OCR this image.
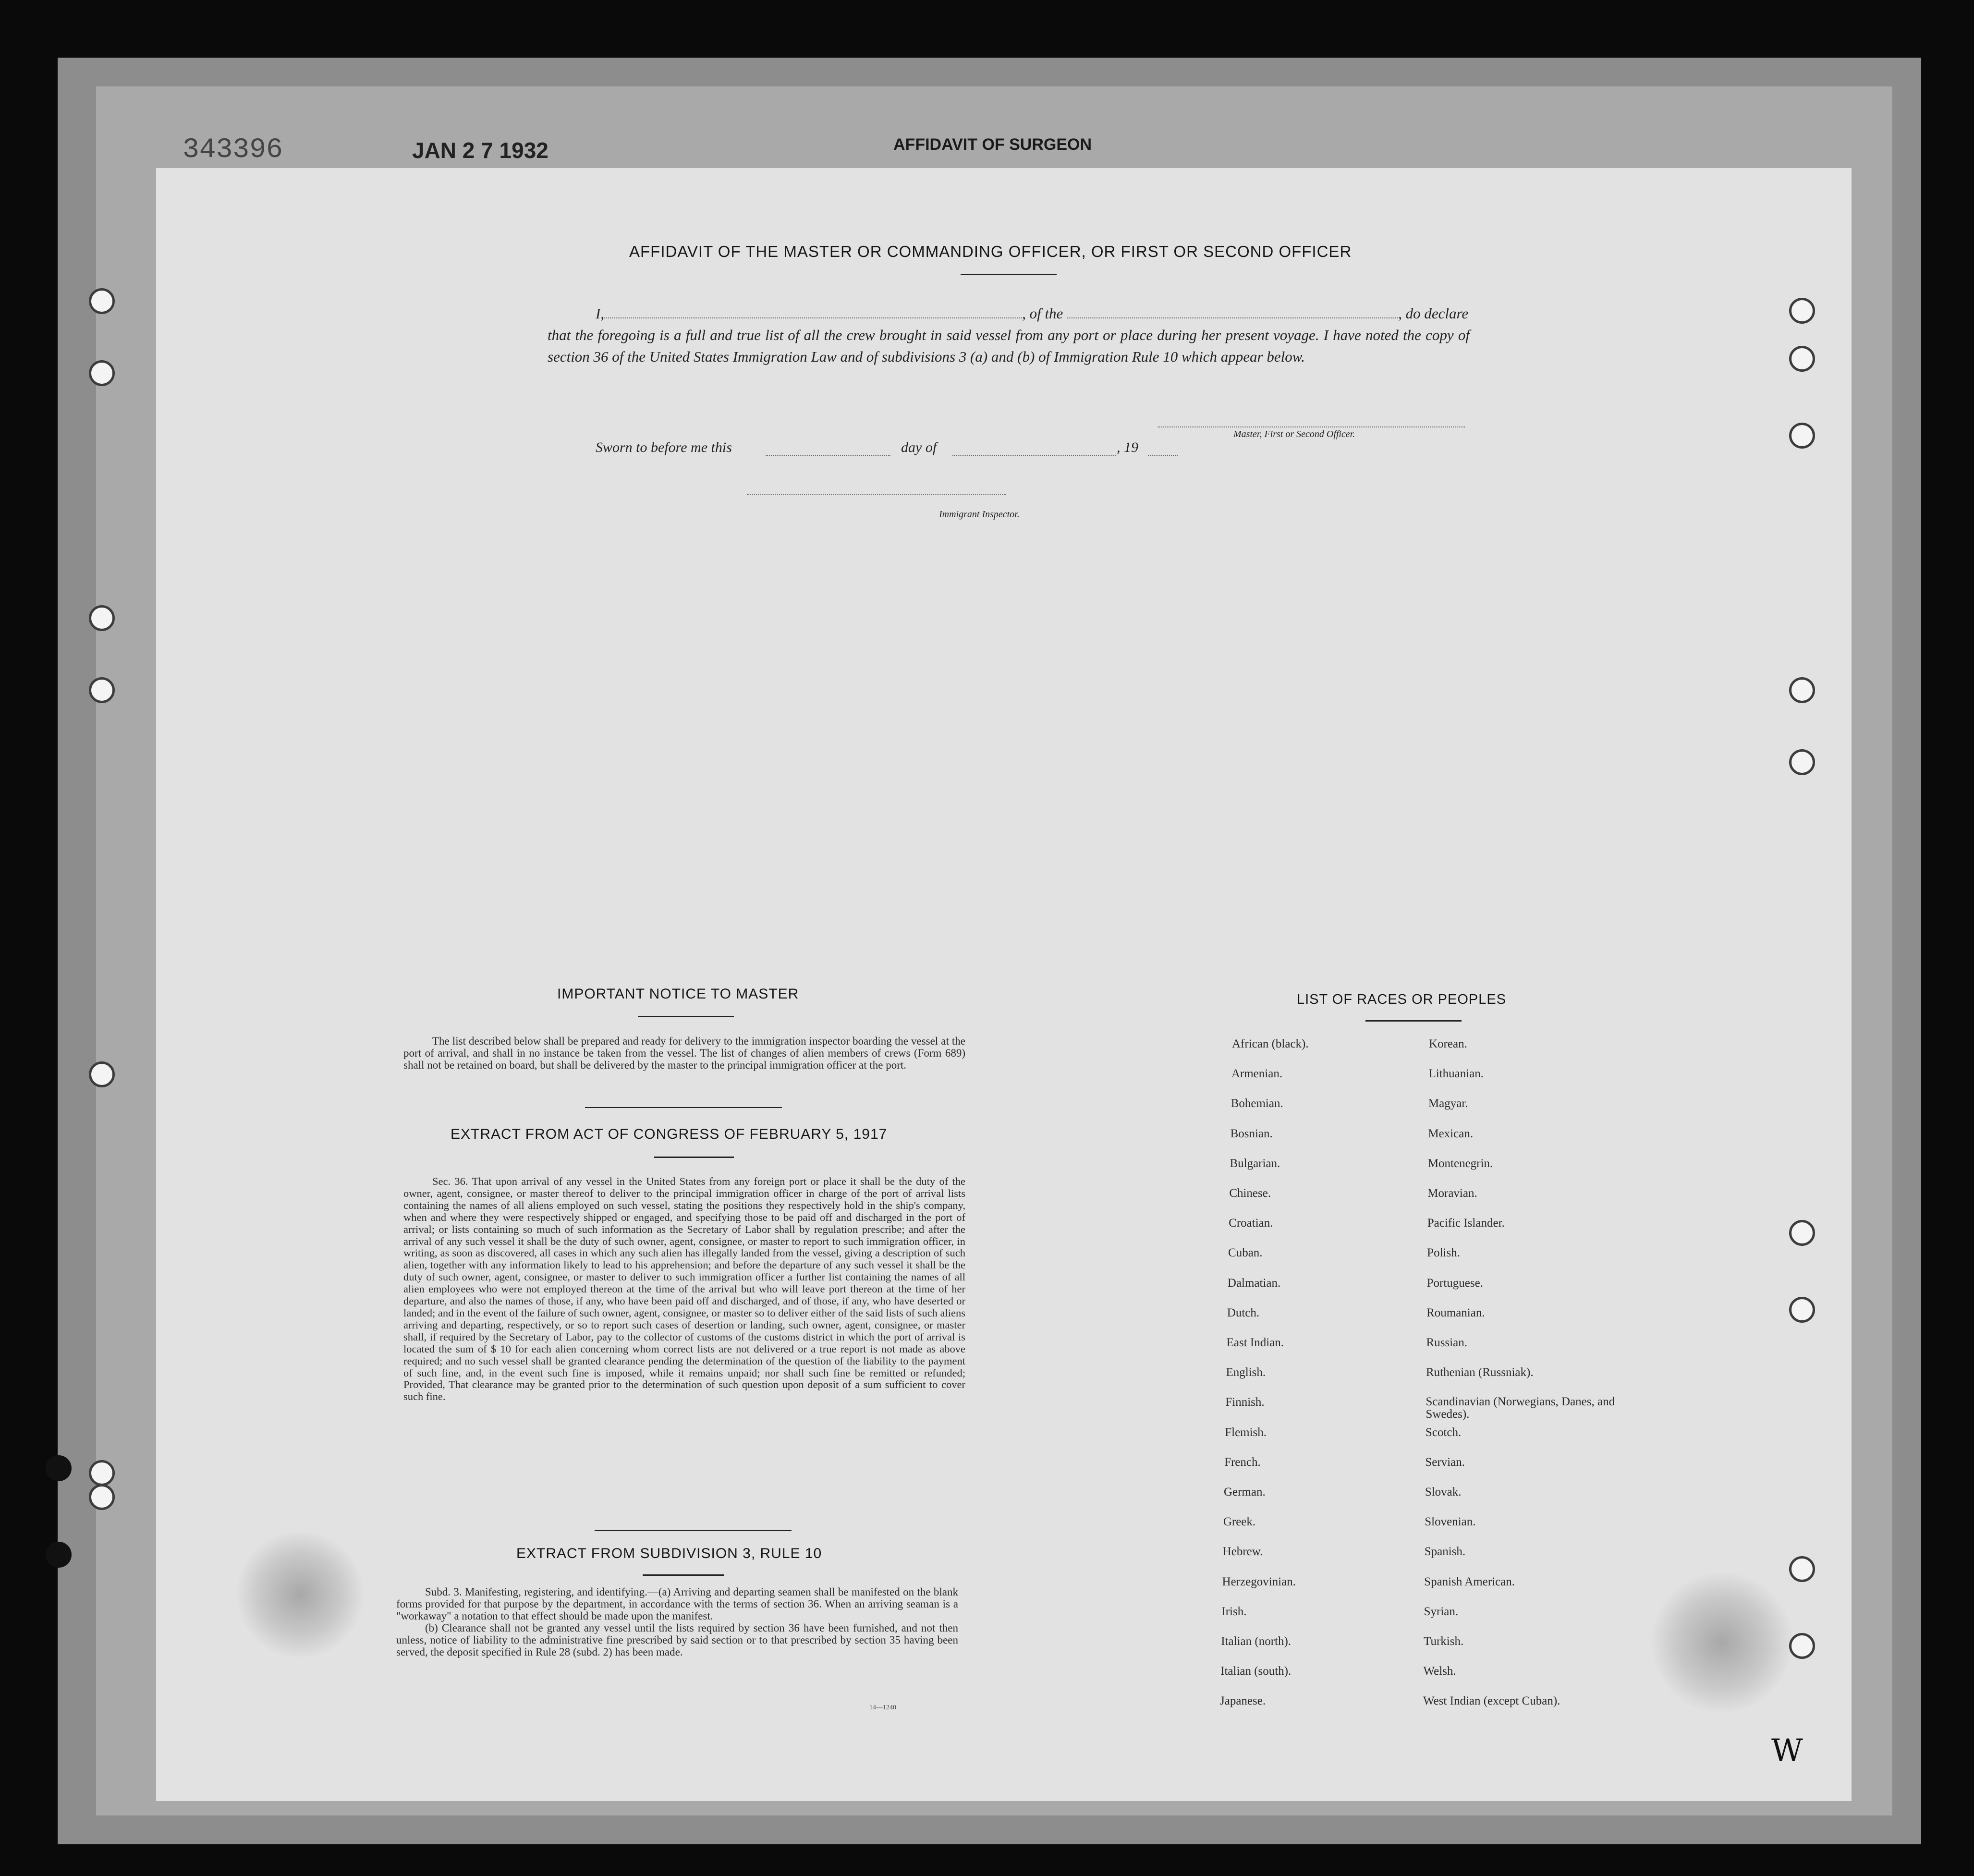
343396	JAN 2 7 1932	AFFIDAVIT OF SURGEON
AFFIDAVIT OF THE MASTER OR COMMANDING OFFICER, OR FIRST OR SECOND OFFICER
I,	, of the	, do declare
that the foregoing is a full and true list of all the crew brought in said vessel from any port or place during her present voyage. I have noted the copy of section 36 of the United States Immigration Law and of subdivisions 3 (a) and (b) of Immigration Rule 10 which appear below.
Master, First or Second Officer.
Sworn to before me this	day of	, 19
Immigrant Inspector.
IMPORTANT NOTICE TO MASTER

The list described below shall be prepared and ready for delivery to the immigration inspector boarding the vessel at the port of arrival, and shall in no instance be taken from the vessel. The list of changes of alien members of crews (Form 689) shall not be retained on board, but shall be delivered by the master to the principal immigration officer at the port.

EXTRACT FROM ACT OF CONGRESS OF FEBRUARY 5, 1917

Sec. 36. That upon arrival of any vessel in the United States from any foreign port or place it shall be the duty of the owner, agent, consignee, or master thereof to deliver to the principal immigration officer in charge of the port of arrival lists containing the names of all aliens employed on such vessel, stating the positions they respectively hold in the ship's company, when and where they were respectively shipped or engaged, and specifying those to be paid off and discharged in the port of arrival; or lists containing so much of such information as the Secretary of Labor shall by regulation prescribe; and after the arrival of any such vessel it shall be the duty of such owner, agent, consignee, or master to report to such immigration officer, in writing, as soon as discovered, all cases in which any such alien has illegally landed from the vessel, giving a description of such alien, together with any information likely to lead to his apprehension; and before the departure of any such vessel it shall be the duty of such owner, agent, consignee, or master to deliver to such immigration officer a further list containing the names of all alien employees who were not employed thereon at the time of the arrival but who will leave port thereon at the time of her departure, and also the names of those, if any, who have been paid off and discharged, and of those, if any, who have deserted or landed; and in the event of the failure of such owner, agent, consignee, or master so to deliver either of the said lists of such aliens arriving and departing, respectively, or so to report such cases of desertion or landing, such owner, agent, consignee, or master shall, if required by the Secretary of Labor, pay to the collector of customs of the customs district in which the port of arrival is located the sum of $ 10 for each alien concerning whom correct lists are not delivered or a true report is not made as above required; and no such vessel shall be granted clearance pending the determination of the question of the liability to the payment of such fine, and, in the event such fine is imposed, while it remains unpaid; nor shall such fine be remitted or refunded; Provided, That clearance may be granted prior to the determination of such question upon deposit of a sum sufficient to cover such fine.

EXTRACT FROM SUBDIVISION 3, RULE 10

Subd. 3. Manifesting, registering, and identifying.—(a) Arriving and departing seamen shall be manifested on the blank forms provided for that purpose by the department, in accordance with the terms of section 36. When an arriving seaman is a "workaway" a notation to that effect should be made upon the manifest.

(b) Clearance shall not be granted any vessel until the lists required by section 36 have been furnished, and not then unless, notice of liability to the administrative fine prescribed by said section or to that prescribed by section 35 having been served, the deposit specified in Rule 28 (subd. 2) has been made.

14—1240
LIST OF RACES OR PEOPLES
African (black).
Armenian.
Bohemian.
Bosnian.
Bulgarian.
Chinese.
Croatian.
Cuban.
Dalmatian.
Dutch.
East Indian.
English.
Finnish.
Flemish.
French.
German.
Greek.
Hebrew.
Herzegovinian.
Irish.
Italian (north).
Italian (south).
Japanese.
Korean.
Lithuanian.
Magyar.
Mexican.
Montenegrin.
Moravian.
Pacific Islander.
Polish.
Portuguese.
Roumanian.
Russian.
Ruthenian (Russniak).
Scandinavian (Norwegians, Danes, and Swedes).
Scotch.
Servian.
Slovak.
Slovenian.
Spanish.
Spanish American.
Syrian.
Turkish.
Welsh.
West Indian (except Cuban).
W
